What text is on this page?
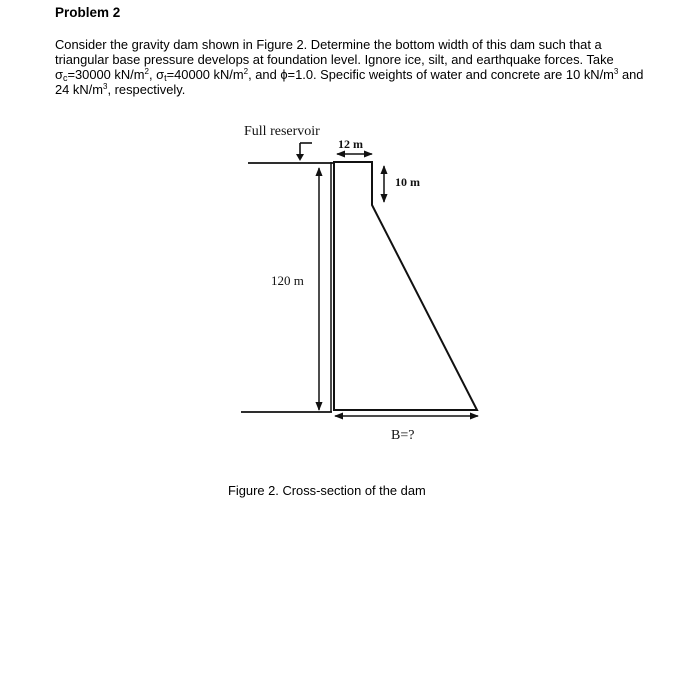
Problem 2
Consider the gravity dam shown in Figure 2. Determine the bottom width of this dam such that a triangular base pressure develops at foundation level. Ignore ice, silt, and earthquake forces. Take $\sigma_c=30000$ $kN/m^2$, $\sigma_t=40000$ $kN/m^2$, and ϕ=1.0. Specific weights of water and concrete are 10 $kN/m^3$ and 24 $kN/m^3$, respectively.
Full reservoir
12 m
10 m
120 m
B=?
Figure 2. Cross-section of the dam
